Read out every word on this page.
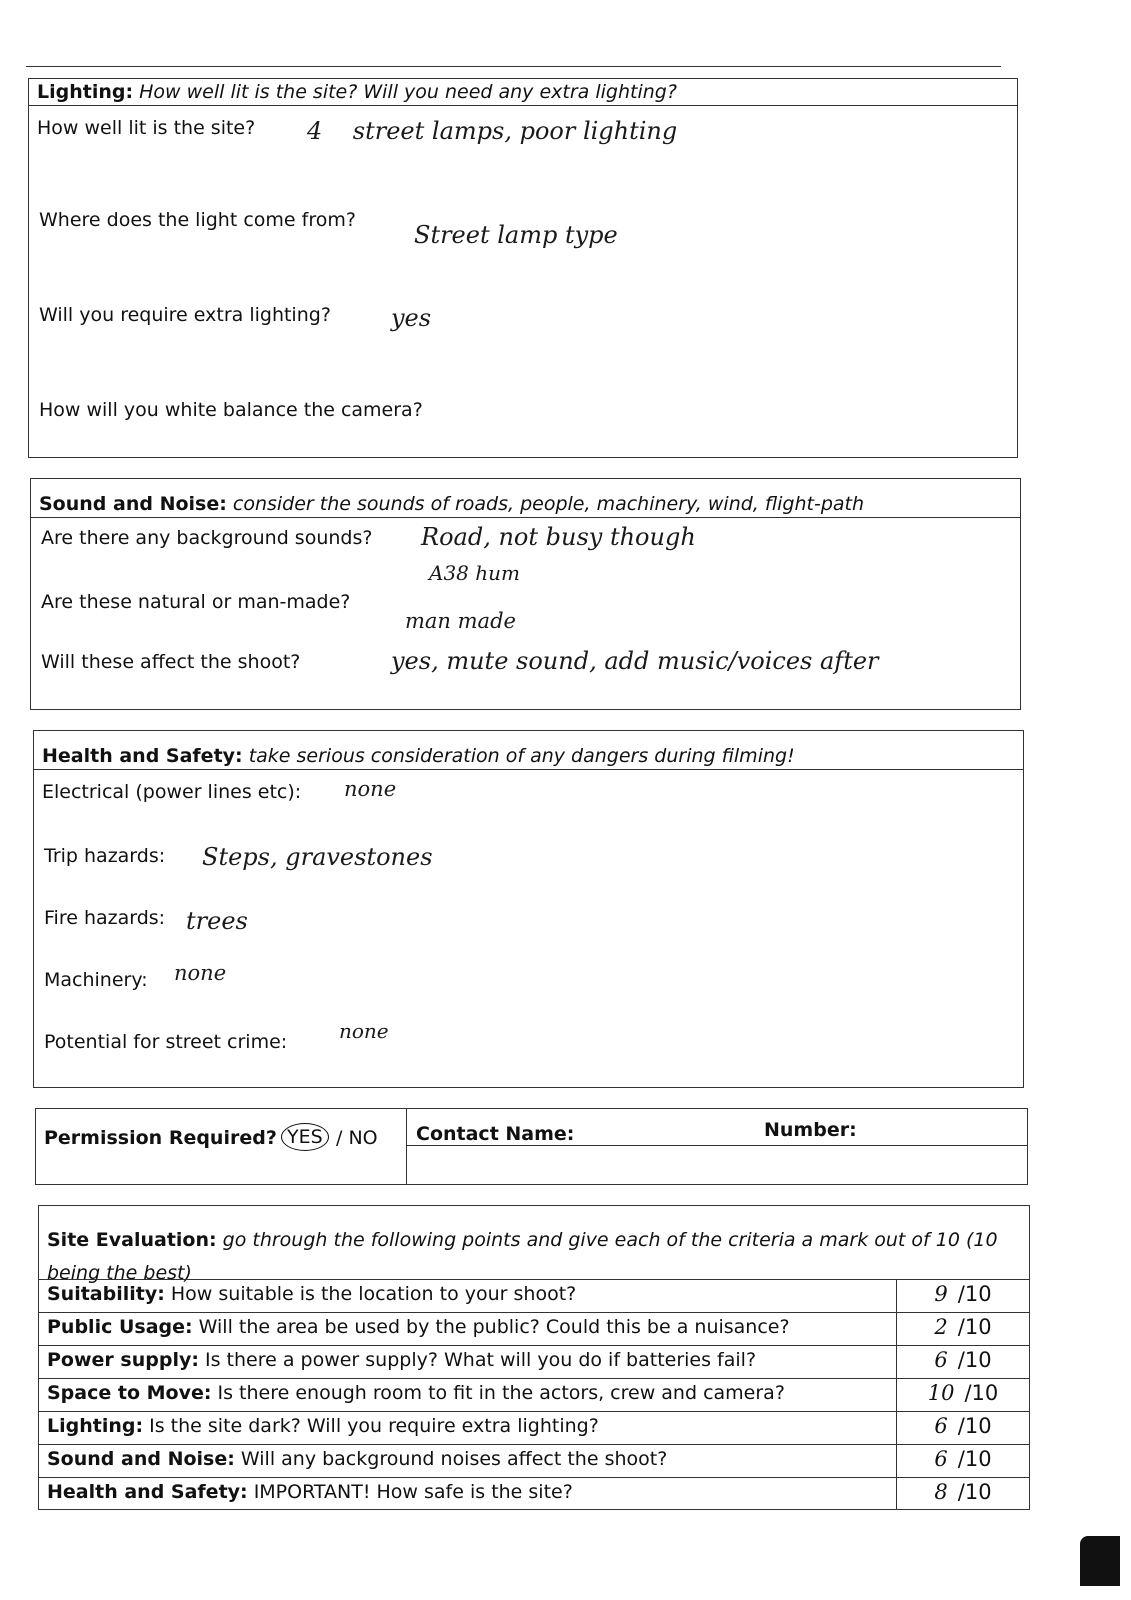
Lighting: How well lit is the site? Will you need any extra lighting?
How well lit is the site? 4    street lamps, poor lighting
Where does the light come from?
Street lamp type
Will you require extra lighting?	yes
How will you white balance the camera?
Sound and Noise: consider the sounds of roads, people, machinery, wind, flight-path
Are there any background sounds? Road, not busy though
A38 hum
Are these natural or man-made?
man made
Will these affect the shoot?	yes, mute sound, add music/voices after
Health and Safety: take serious consideration of any dangers during filming!
Electrical (power lines etc): none
Trip hazards: Steps, gravestones
Fire hazards: trees
Machinery: none
Potential for street crime:	none
Permission Required? YES / NO Contact Name:	Number:
Site Evaluation: go through the following points and give each of the criteria a mark out of 10 (10 being the best)
Suitability: How suitable is the location to your shoot?	9 /10
Public Usage: Will the area be used by the public? Could this be a nuisance?	2 /10
Power supply: Is there a power supply? What will you do if batteries fail?	6 /10
Space to Move: Is there enough room to fit in the actors, crew and camera?	10 /10
Lighting: Is the site dark? Will you require extra lighting?	6 /10
Sound and Noise: Will any background noises affect the shoot?	6 /10
Health and Safety: IMPORTANT! How safe is the site?	8 /10
